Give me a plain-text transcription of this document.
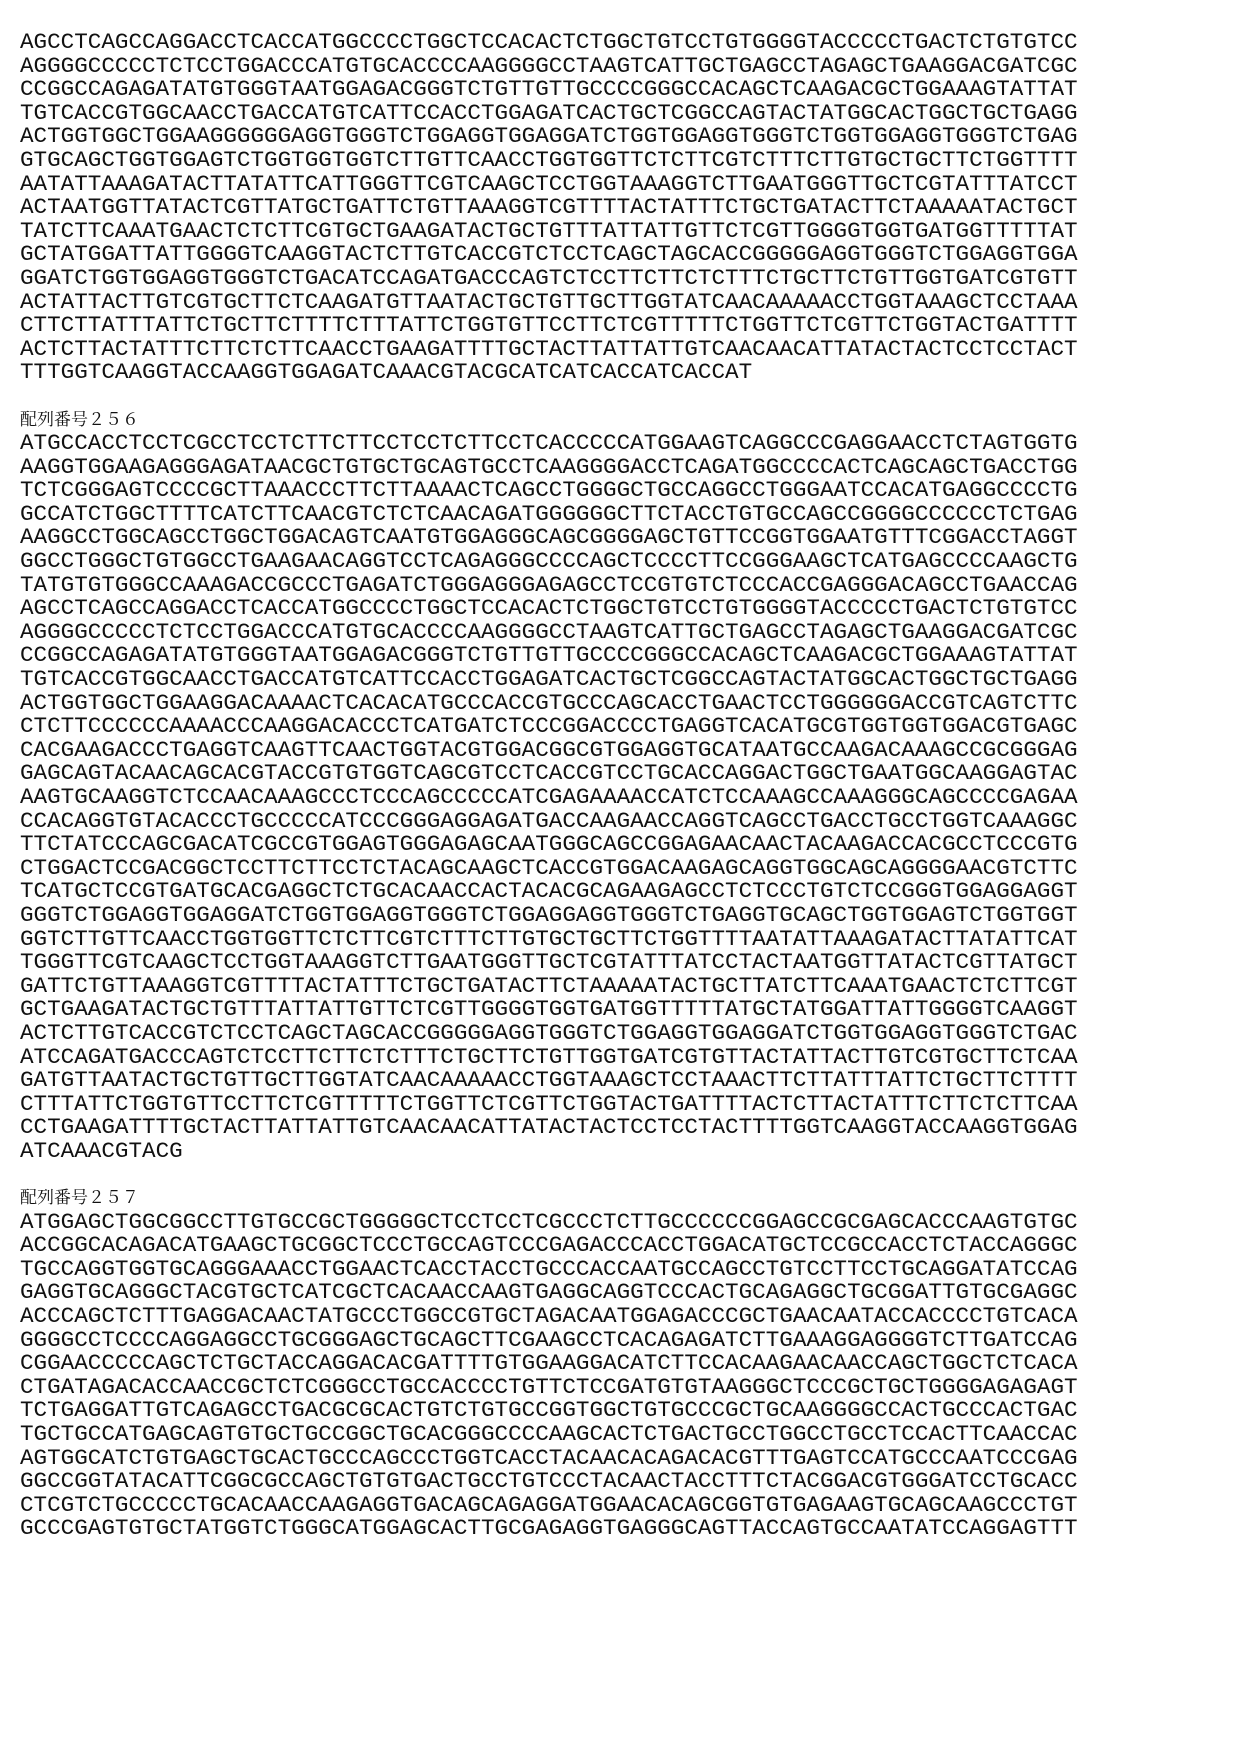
AGCCTCAGCCAGGACCTCACCATGGCCCCTGGCTCCACACTCTGGCTGTCCTGTGGGGTACCCCCTGACTCTGTGTCC
AGGGGCCCCCTCTCCTGGACCCATGTGCACCCCAAGGGGCCTAAGTCATTGCTGAGCCTAGAGCTGAAGGACGATCGC
CCGGCCAGAGATATGTGGGTAATGGAGACGGGTCTGTTGTTGCCCCGGGCCACAGCTCAAGACGCTGGAAAGTATTAT
TGTCACCGTGGCAACCTGACCATGTCATTCCACCTGGAGATCACTGCTCGGCCAGTACTATGGCACTGGCTGCTGAGG
ACTGGTGGCTGGAAGGGGGGAGGTGGGTCTGGAGGTGGAGGATCTGGTGGAGGTGGGTCTGGTGGAGGTGGGTCTGAG
GTGCAGCTGGTGGAGTCTGGTGGTGGTCTTGTTCAACCTGGTGGTTCTCTTCGTCTTTCTTGTGCTGCTTCTGGTTTT
AATATTAAAGATACTTATATTCATTGGGTTCGTCAAGCTCCTGGTAAAGGTCTTGAATGGGTTGCTCGTATTTATCCT
ACTAATGGTTATACTCGTTATGCTGATTCTGTTAAAGGTCGTTTTACTATTTCTGCTGATACTTCTAAAAATACTGCT
TATCTTCAAATGAACTCTCTTCGTGCTGAAGATACTGCTGTTTATTATTGTTCTCGTTGGGGTGGTGATGGTTTTTAT
GCTATGGATTATTGGGGTCAAGGTACTCTTGTCACCGTCTCCTCAGCTAGCACCGGGGGAGGTGGGTCTGGAGGTGGA
GGATCTGGTGGAGGTGGGTCTGACATCCAGATGACCCAGTCTCCTTCTTCTCTTTCTGCTTCTGTTGGTGATCGTGTT
ACTATTACTTGTCGTGCTTCTCAAGATGTTAATACTGCTGTTGCTTGGTATCAACAAAAACCTGGTAAAGCTCCTAAA
CTTCTTATTTATTCTGCTTCTTTTCTTTATTCTGGTGTTCCTTCTCGTTTTTCTGGTTCTCGTTCTGGTACTGATTTT
ACTCTTACTATTTCTTCTCTTCAACCTGAAGATTTTGCTACTTATTATTGTCAACAACATTATACTACTCCTCCTACT
TTTGGTCAAGGTACCAAGGTGGAGATCAAACGTACGCATCATCACCATCACCAT
配列番号２５６
ATGCCACCTCCTCGCCTCCTCTTCTTCCTCCTCTTCCTCACCCCCATGGAAGTCAGGCCCGAGGAACCTCTAGTGGTG
AAGGTGGAAGAGGGAGATAACGCTGTGCTGCAGTGCCTCAAGGGGACCTCAGATGGCCCCACTCAGCAGCTGACCTGG
TCTCGGGAGTCCCCGCTTAAACCCTTCTTAAAACTCAGCCTGGGGCTGCCAGGCCTGGGAATCCACATGAGGCCCCTG
GCCATCTGGCTTTTCATCTTCAACGTCTCTCAACAGATGGGGGGCTTCTACCTGTGCCAGCCGGGGCCCCCCTCTGAG
AAGGCCTGGCAGCCTGGCTGGACAGTCAATGTGGAGGGCAGCGGGGAGCTGTTCCGGTGGAATGTTTCGGACCTAGGT
GGCCTGGGCTGTGGCCTGAAGAACAGGTCCTCAGAGGGCCCCAGCTCCCCTTCCGGGAAGCTCATGAGCCCCAAGCTG
TATGTGTGGGCCAAAGACCGCCCTGAGATCTGGGAGGGAGAGCCTCCGTGTCTCCCACCGAGGGACAGCCTGAACCAG
AGCCTCAGCCAGGACCTCACCATGGCCCCTGGCTCCACACTCTGGCTGTCCTGTGGGGTACCCCCTGACTCTGTGTCC
AGGGGCCCCCTCTCCTGGACCCATGTGCACCCCAAGGGGCCTAAGTCATTGCTGAGCCTAGAGCTGAAGGACGATCGC
CCGGCCAGAGATATGTGGGTAATGGAGACGGGTCTGTTGTTGCCCCGGGCCACAGCTCAAGACGCTGGAAAGTATTAT
TGTCACCGTGGCAACCTGACCATGTCATTCCACCTGGAGATCACTGCTCGGCCAGTACTATGGCACTGGCTGCTGAGG
ACTGGTGGCTGGAAGGACAAAACTCACACATGCCCACCGTGCCCAGCACCTGAACTCCTGGGGGGACCGTCAGTCTTC
CTCTTCCCCCCAAAACCCAAGGACACCCTCATGATCTCCCGGACCCCTGAGGTCACATGCGTGGTGGTGGACGTGAGC
CACGAAGACCCTGAGGTCAAGTTCAACTGGTACGTGGACGGCGTGGAGGTGCATAATGCCAAGACAAAGCCGCGGGAG
GAGCAGTACAACAGCACGTACCGTGTGGTCAGCGTCCTCACCGTCCTGCACCAGGACTGGCTGAATGGCAAGGAGTAC
AAGTGCAAGGTCTCCAACAAAGCCCTCCCAGCCCCCATCGAGAAAACCATCTCCAAAGCCAAAGGGCAGCCCCGAGAA
CCACAGGTGTACACCCTGCCCCCATCCCGGGAGGAGATGACCAAGAACCAGGTCAGCCTGACCTGCCTGGTCAAAGGC
TTCTATCCCAGCGACATCGCCGTGGAGTGGGAGAGCAATGGGCAGCCGGAGAACAACTACAAGACCACGCCTCCCGTG
CTGGACTCCGACGGCTCCTTCTTCCTCTACAGCAAGCTCACCGTGGACAAGAGCAGGTGGCAGCAGGGGAACGTCTTC
TCATGCTCCGTGATGCACGAGGCTCTGCACAACCACTACACGCAGAAGAGCCTCTCCCTGTCTCCGGGTGGAGGAGGT
GGGTCTGGAGGTGGAGGATCTGGTGGAGGTGGGTCTGGAGGAGGTGGGTCTGAGGTGCAGCTGGTGGAGTCTGGTGGT
GGTCTTGTTCAACCTGGTGGTTCTCTTCGTCTTTCTTGTGCTGCTTCTGGTTTTAATATTAAAGATACTTATATTCAT
TGGGTTCGTCAAGCTCCTGGTAAAGGTCTTGAATGGGTTGCTCGTATTTATCCTACTAATGGTTATACTCGTTATGCT
GATTCTGTTAAAGGTCGTTTTACTATTTCTGCTGATACTTCTAAAAATACTGCTTATCTTCAAATGAACTCTCTTCGT
GCTGAAGATACTGCTGTTTATTATTGTTCTCGTTGGGGTGGTGATGGTTTTTATGCTATGGATTATTGGGGTCAAGGT
ACTCTTGTCACCGTCTCCTCAGCTAGCACCGGGGGAGGTGGGTCTGGAGGTGGAGGATCTGGTGGAGGTGGGTCTGAC
ATCCAGATGACCCAGTCTCCTTCTTCTCTTTCTGCTTCTGTTGGTGATCGTGTTACTATTACTTGTCGTGCTTCTCAA
GATGTTAATACTGCTGTTGCTTGGTATCAACAAAAACCTGGTAAAGCTCCTAAACTTCTTATTTATTCTGCTTCTTTT
CTTTATTCTGGTGTTCCTTCTCGTTTTTCTGGTTCTCGTTCTGGTACTGATTTTACTCTTACTATTTCTTCTCTTCAA
CCTGAAGATTTTGCTACTTATTATTGTCAACAACATTATACTACTCCTCCTACTTTTGGTCAAGGTACCAAGGTGGAG
ATCAAACGTACG
配列番号２５７
ATGGAGCTGGCGGCCTTGTGCCGCTGGGGGCTCCTCCTCGCCCTCTTGCCCCCCGGAGCCGCGAGCACCCAAGTGTGC
ACCGGCACAGACATGAAGCTGCGGCTCCCTGCCAGTCCCGAGACCCACCTGGACATGCTCCGCCACCTCTACCAGGGC
TGCCAGGTGGTGCAGGGAAACCTGGAACTCACCTACCTGCCCACCAATGCCAGCCTGTCCTTCCTGCAGGATATCCAG
GAGGTGCAGGGCTACGTGCTCATCGCTCACAACCAAGTGAGGCAGGTCCCACTGCAGAGGCTGCGGATTGTGCGAGGC
ACCCAGCTCTTTGAGGACAACTATGCCCTGGCCGTGCTAGACAATGGAGACCCGCTGAACAATACCACCCCTGTCACA
GGGGCCTCCCCAGGAGGCCTGCGGGAGCTGCAGCTTCGAAGCCTCACAGAGATCTTGAAAGGAGGGGTCTTGATCCAG
CGGAACCCCCAGCTCTGCTACCAGGACACGATTTTGTGGAAGGACATCTTCCACAAGAACAACCAGCTGGCTCTCACA
CTGATAGACACCAACCGCTCTCGGGCCTGCCACCCCTGTTCTCCGATGTGTAAGGGCTCCCGCTGCTGGGGAGAGAGT
TCTGAGGATTGTCAGAGCCTGACGCGCACTGTCTGTGCCGGTGGCTGTGCCCGCTGCAAGGGGCCACTGCCCACTGAC
TGCTGCCATGAGCAGTGTGCTGCCGGCTGCACGGGCCCCAAGCACTCTGACTGCCTGGCCTGCCTCCACTTCAACCAC
AGTGGCATCTGTGAGCTGCACTGCCCAGCCCTGGTCACCTACAACACAGACACGTTTGAGTCCATGCCCAATCCCGAG
GGCCGGTATACATTCGGCGCCAGCTGTGTGACTGCCTGTCCCTACAACTACCTTTCTACGGACGTGGGATCCTGCACC
CTCGTCTGCCCCCTGCACAACCAAGAGGTGACAGCAGAGGATGGAACACAGCGGTGTGAGAAGTGCAGCAAGCCCTGT
GCCCGAGTGTGCTATGGTCTGGGCATGGAGCACTTGCGAGAGGTGAGGGCAGTTACCAGTGCCAATATCCAGGAGTTT
